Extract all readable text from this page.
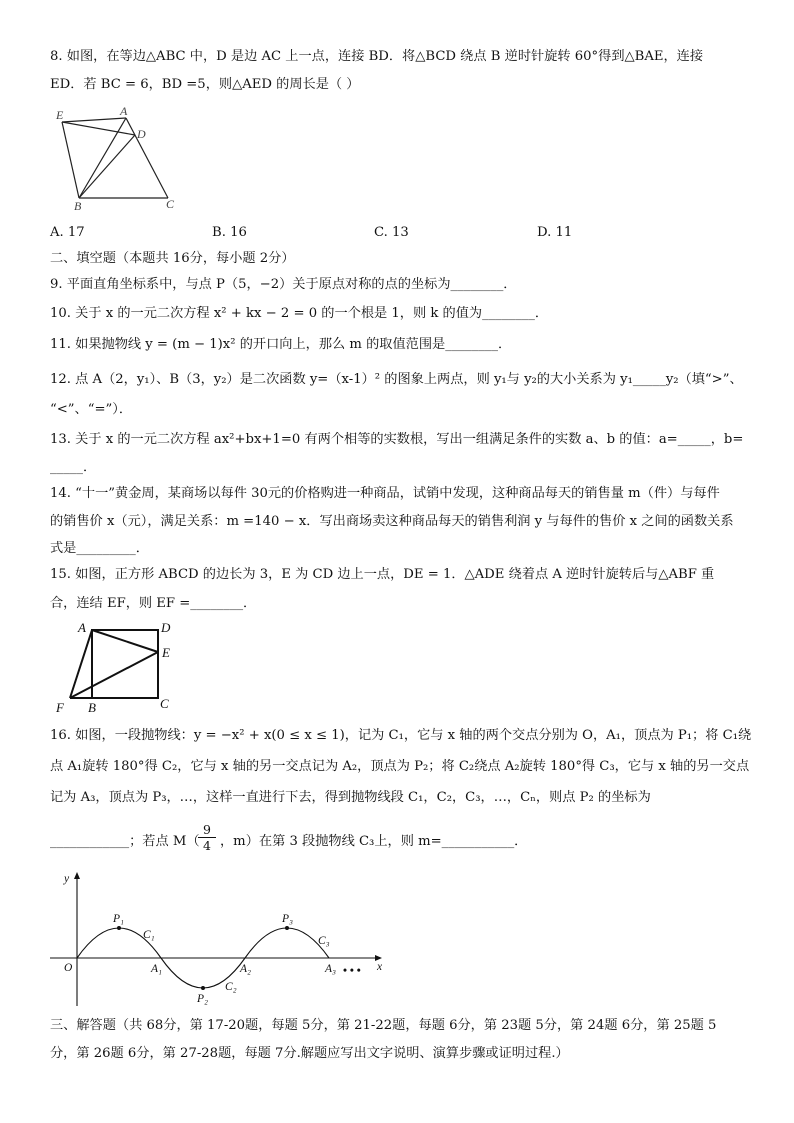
8. 如图，在等边△ABC 中，D 是边 AC 上一点，连接 BD．将△BCD 绕点 B 逆时针旋转 60°得到△BAE，连接
ED．若 BC = 6，BD =5，则△AED 的周长是（ ）
E	A
D
B	C
A. 17	B. 16	C. 13	D. 11
二、填空题（本题共 16分，每小题 2分）
9. 平面直角坐标系中，与点 P（5，−2）关于原点对称的点的坐标为________．
10. 关于 x 的一元二次方程 x² + kx − 2 = 0 的一个根是 1，则 k 的值为________．
11. 如果抛物线 y = (m − 1)x² 的开口向上，那么 m 的取值范围是________．
12. 点 A（2，y₁）、B（3，y₂）是二次函数 y=（x-1）² 的图象上两点，则 y₁与 y₂的大小关系为 y₁_____y₂（填“>”、
“<”、“=”）．
13. 关于 x 的一元二次方程 ax²+bx+1=0 有两个相等的实数根，写出一组满足条件的实数 a、b 的值：a=_____，b=
_____．
14. “十一”黄金周，某商场以每件 30元的价格购进一种商品，试销中发现，这种商品每天的销售量 m（件）与每件
的销售价 x（元），满足关系：m =140 − x．写出商场卖这种商品每天的销售利润 y 与每件的售价 x 之间的函数关系
式是_________．
15. 如图，正方形 ABCD 的边长为 3，E 为 CD 边上一点，DE = 1．△ADE 绕着点 A 逆时针旋转后与△ABF 重
合，连结 EF，则 EF =________．
A	D
E
F B	C
16. 如图，一段抛物线：y = −x² + x(0 ≤ x ≤ 1)，记为 C₁，它与 x 轴的两个交点分别为 O，A₁，顶点为 P₁；将 C₁绕
点 A₁旋转 180°得 C₂，它与 x 轴的另一交点记为 A₂，顶点为 P₂；将 C₂绕点 A₂旋转 180°得 C₃，它与 x 轴的另一交点
记为 A₃，顶点为 P₃，…，这样一直进行下去，得到抛物线段 C₁，C₂，C₃，…，Cₙ，则点 P₂ 的坐标为
____________；若点 M（
$\frac{9}{4}$ ，m）在第 3 段抛物线 C₃上，则 m=___________．
y
x
O	A₁	A₂	A₃
P₁
P₂
P₃
C₁
C₂
C₃
• • •
三、解答题（共 68分，第 17-20题，每题 5分，第 21-22题，每题 6分，第 23题 5分，第 24题 6分，第 25题 5
分，第 26题 6分，第 27-28题，每题 7分.解题应写出文字说明、演算步骤或证明过程.）
